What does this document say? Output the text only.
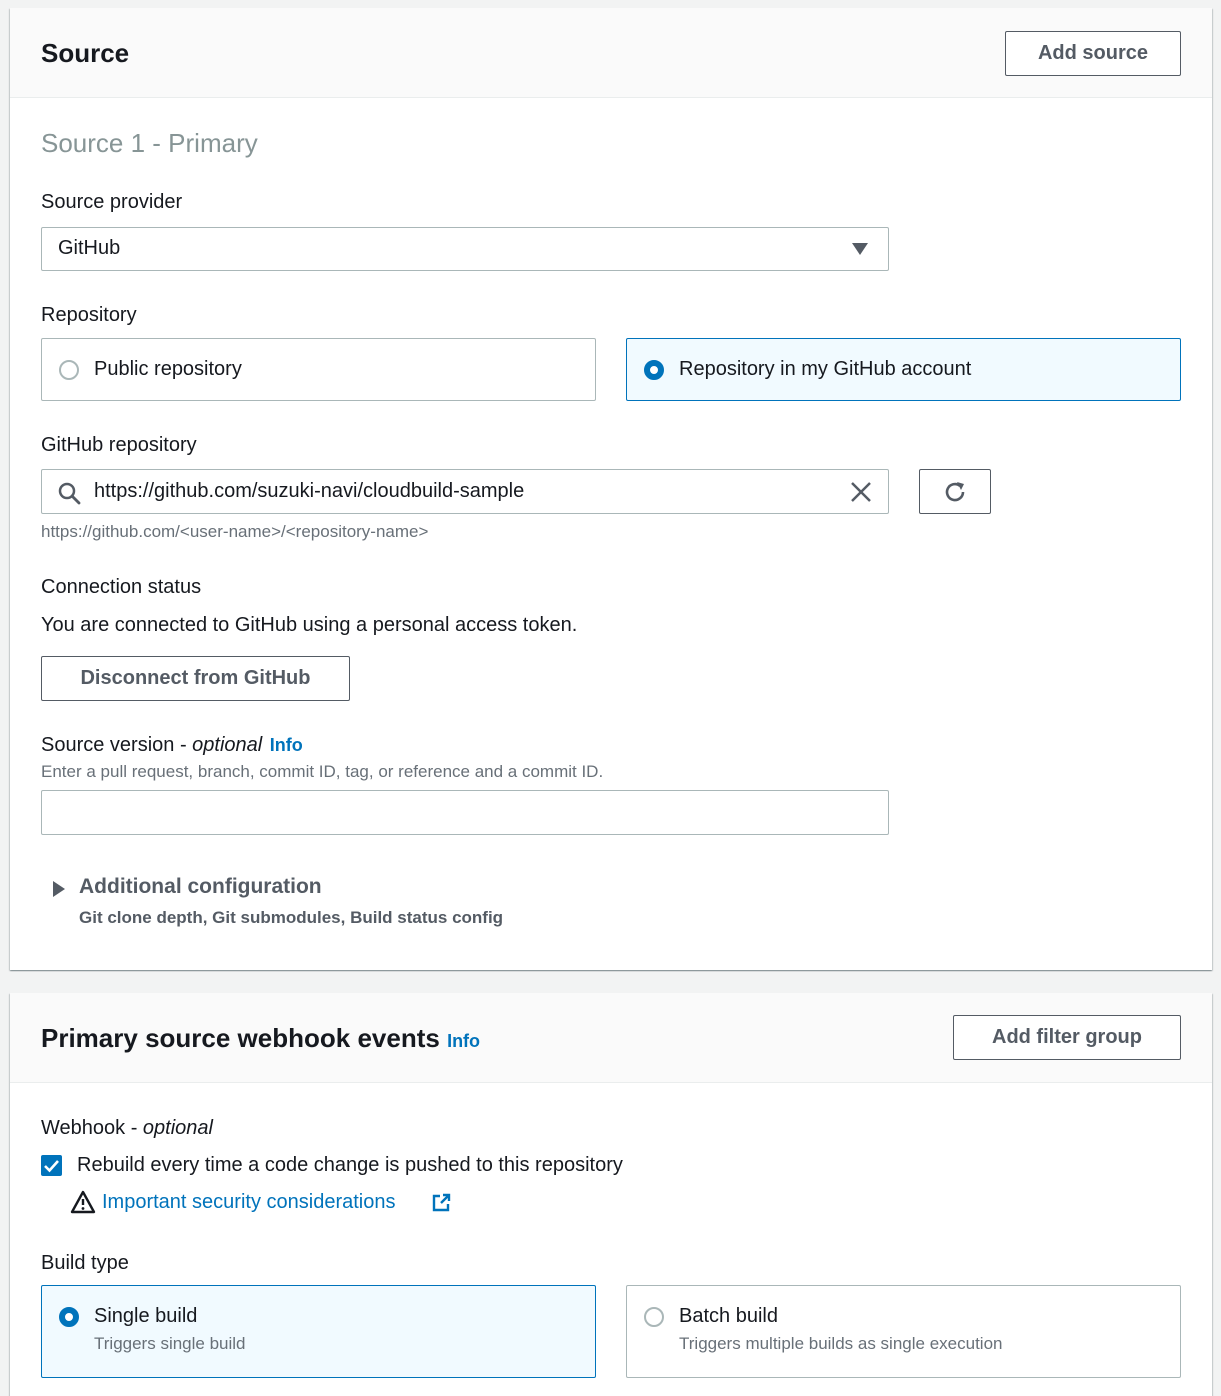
Source	Add source
Source 1 - Primary
Source provider
GitHub
Repository
Public repository	Repository in my GitHub account
GitHub repository
https://github.com/suzuki-navi/cloudbuild-sample
https://github.com/<user-name>/<repository-name>
Connection status
You are connected to GitHub using a personal access token.
Disconnect from GitHub
Source version - optional Info
Enter a pull request, branch, commit ID, tag, or reference and a commit ID.
Additional configuration
Git clone depth, Git submodules, Build status config
Primary source webhook events Info	Add filter group
Webhook - optional
Rebuild every time a code change is pushed to this repository
Important security considerations
Build type
Single build
Triggers single build
Batch build
Triggers multiple builds as single execution
